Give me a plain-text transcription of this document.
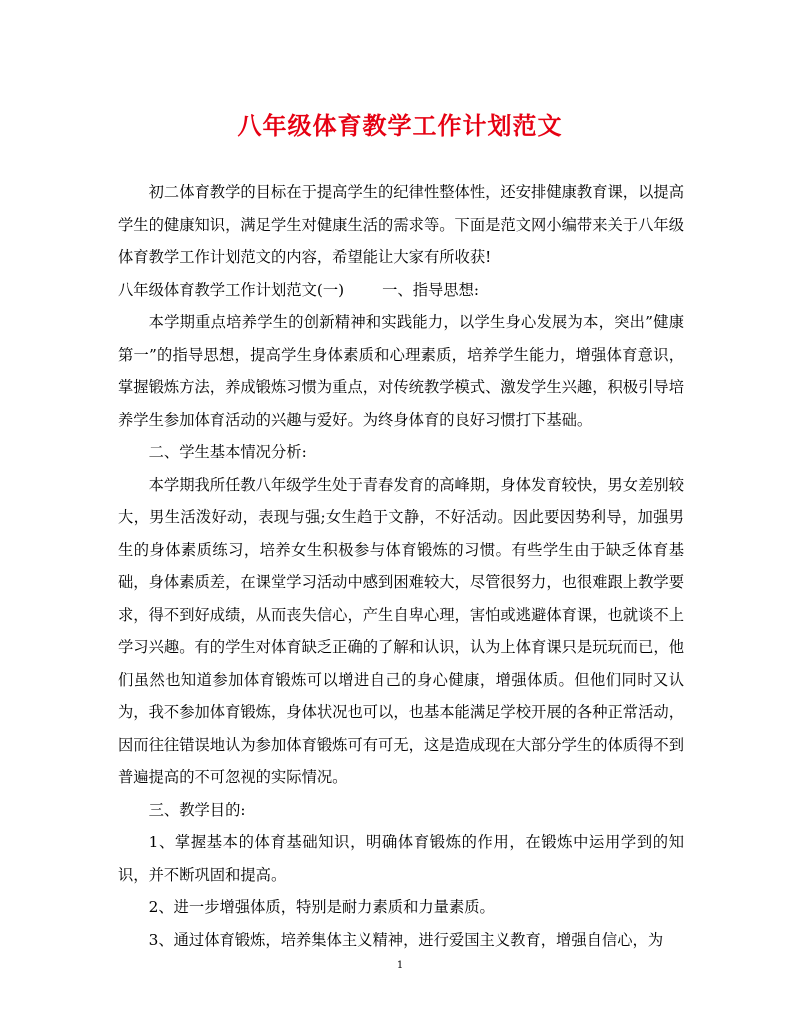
八年级体育教学工作计划范文

初二体育教学的目标在于提高学生的纪律性整体性，还安排健康教育课，以提高学生的健康知识，满足学生对健康生活的需求等。下面是范文网小编带来关于八年级体育教学工作计划范文的内容，希望能让大家有所收获!

八年级体育教学工作计划范文(一) 一、指导思想:

本学期重点培养学生的创新精神和实践能力，以学生身心发展为本，突出”健康第一”的指导思想，提高学生身体素质和心理素质，培养学生能力，增强体育意识，掌握锻炼方法，养成锻炼习惯为重点，对传统教学模式、激发学生兴趣，积极引导培养学生参加体育活动的兴趣与爱好。为终身体育的良好习惯打下基础。

二、学生基本情况分析:

本学期我所任教八年级学生处于青春发育的高峰期，身体发育较快，男女差别较大，男生活泼好动，表现与强;女生趋于文静，不好活动。因此要因势利导，加强男生的身体素质练习，培养女生积极参与体育锻炼的习惯。有些学生由于缺乏体育基础，身体素质差，在课堂学习活动中感到困难较大，尽管很努力，也很难跟上教学要求，得不到好成绩，从而丧失信心，产生自卑心理，害怕或逃避体育课，也就谈不上学习兴趣。有的学生对体育缺乏正确的了解和认识，认为上体育课只是玩玩而已，他们虽然也知道参加体育锻炼可以增进自己的身心健康，增强体质。但他们同时又认为，我不参加体育锻炼，身体状况也可以，也基本能满足学校开展的各种正常活动，因而往往错误地认为参加体育锻炼可有可无，这是造成现在大部分学生的体质得不到普遍提高的不可忽视的实际情况。

三、教学目的:

1、掌握基本的体育基础知识，明确体育锻炼的作用，在锻炼中运用学到的知识，并不断巩固和提高。

2、进一步增强体质，特别是耐力素质和力量素质。

3、通过体育锻炼，培养集体主义精神，进行爱国主义教育，增强自信心，为

1
